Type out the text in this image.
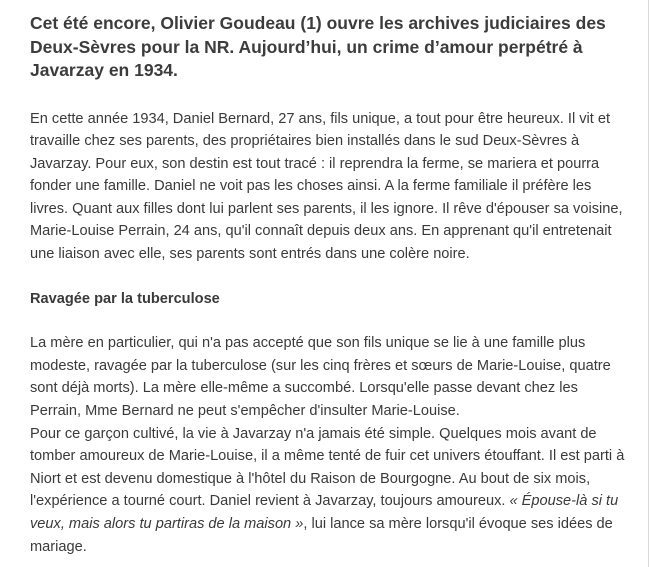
Cet été encore, Olivier Goudeau (1) ouvre les archives judiciaires des Deux-Sèvres pour la NR. Aujourd’hui, un crime d’amour perpétré à Javarzay en 1934.

En cette année 1934, Daniel Bernard, 27 ans, fils unique, a tout pour être heureux. Il vit et travaille chez ses parents, des propriétaires bien installés dans le sud Deux-Sèvres à Javarzay. Pour eux, son destin est tout tracé : il reprendra la ferme, se mariera et pourra fonder une famille. Daniel ne voit pas les choses ainsi. A la ferme familiale il préfère les livres. Quant aux filles dont lui parlent ses parents, il les ignore. Il rêve d'épouser sa voisine, Marie-Louise Perrain, 24 ans, qu'il connaît depuis deux ans. En apprenant qu'il entretenait une liaison avec elle, ses parents sont entrés dans une colère noire.

Ravagée par la tuberculose

La mère en particulier, qui n'a pas accepté que son fils unique se lie à une famille plus modeste, ravagée par la tuberculose (sur les cinq frères et sœurs de Marie-Louise, quatre sont déjà morts). La mère elle-même a succombé. Lorsqu'elle passe devant chez les Perrain, Mme Bernard ne peut s'empêcher d'insulter Marie-Louise.

Pour ce garçon cultivé, la vie à Javarzay n'a jamais été simple. Quelques mois avant de tomber amoureux de Marie-Louise, il a même tenté de fuir cet univers étouffant. Il est parti à Niort et est devenu domestique à l'hôtel du Raison de Bourgogne. Au bout de six mois, l'expérience a tourné court. Daniel revient à Javarzay, toujours amoureux. « Épouse-là si tu veux, mais alors tu partiras de la maison », lui lance sa mère lorsqu'il évoque ses idées de mariage.
